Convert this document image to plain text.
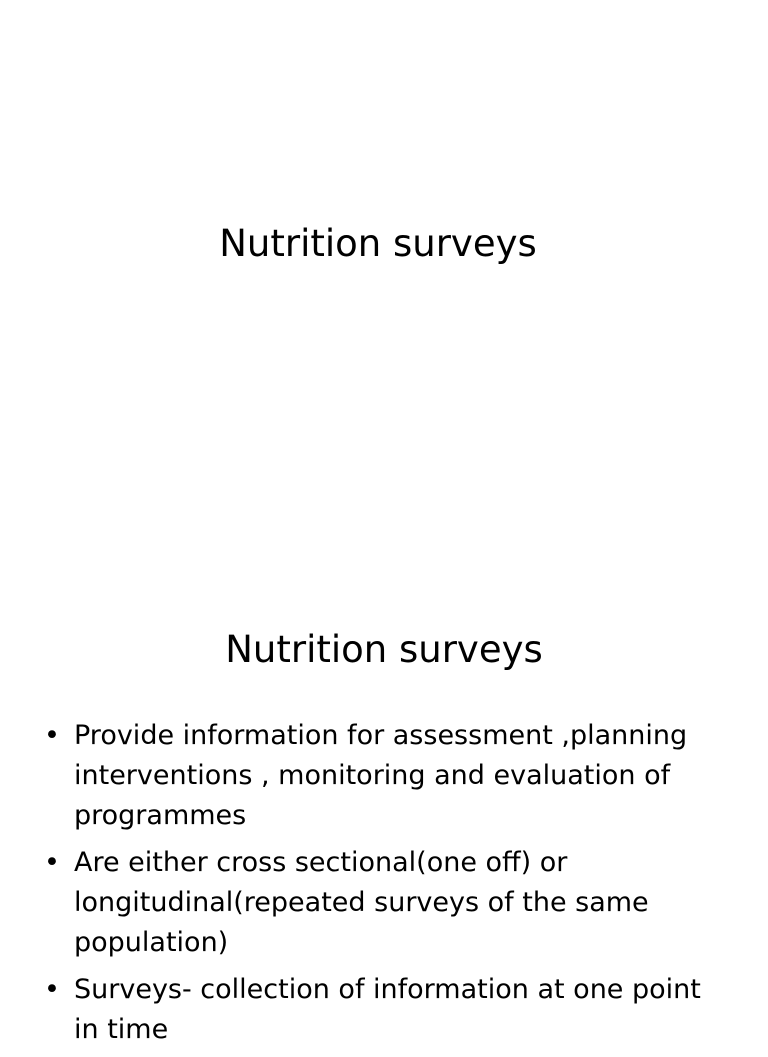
Nutrition surveys
Nutrition surveys
• Provide information for assessment ,planning interventions , monitoring and evaluation of programmes
• Are either cross sectional(one off) or longitudinal(repeated surveys of the same population)
• Surveys- collection of information at one point in time
